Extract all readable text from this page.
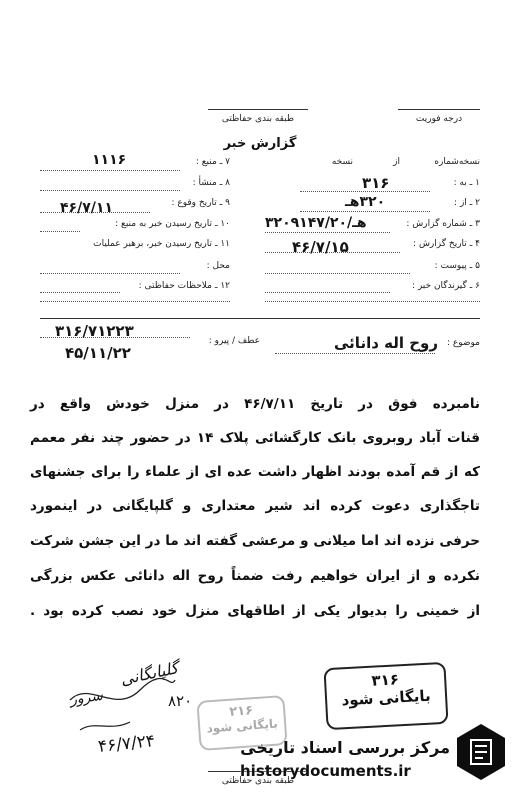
طبقه بندی حفاظتی	درجه فوریت
گزارش خبر
۷ ـ منبع :
۱۱۱۶
۸ ـ منشأ :
۹ ـ تاریخ وقوع :
۴۶/۷/۱۱
۱۰ ـ تاریخ رسیدن خبر به منبع :
۱۱ ـ تاریخ رسیدن خبر، برهبر عملیات
محل :
۱۲ ـ ملاحظات حفاظتی :
نسخه‌شماره
از
نسخه
۱ ـ به :
۳۱۶
۲ ـ از :
۳۲۰هـ
۳ ـ شماره گزارش :
۳۲۰هـ/۹۱۴۷/۲۰
۴ ـ تاریخ گزارش :
۴۶/۷/۱۵
۵ ـ پیوست :
۶ ـ گیرندگان خبر :
عطف / پیرو :
۳۱۶/۷۱۲۲۳
۴۵/۱۱/۲۲
موضوع :
روح اله دانائی
نامبرده فوق در تاریخ ۴۶/۷/۱۱ در منزل خودش واقع در
قنات آباد روبروی بانک کارگشائی پلاک ۱۴ در حضور چند نفر معمم
که از قم آمده بودند اظهار داشت عده ای از علماء را برای جشنهای
تاجگذاری دعوت کرده اند شیر معتداری و گلپایگانی در اینمورد
حرفی نزده اند اما میلانی و مرعشی گفته اند ما در این جشن شرکت
نکرده و از ایران خواهیم رفت ضمناً روح اله دانائی عکس بزرگی
از خمینی را بدیوار یکی از اطاقهای منزل خود نصب کرده بود .
گلپایگانی
سرور	۸۲۰
۴۶/۷/۲۴
۲۱۶
بایگانی شود
۳۱۶
بایگانی شود
طبقه بندی حفاظتی
مرکز بررسی اسناد تاریخی
historydocuments.ir
